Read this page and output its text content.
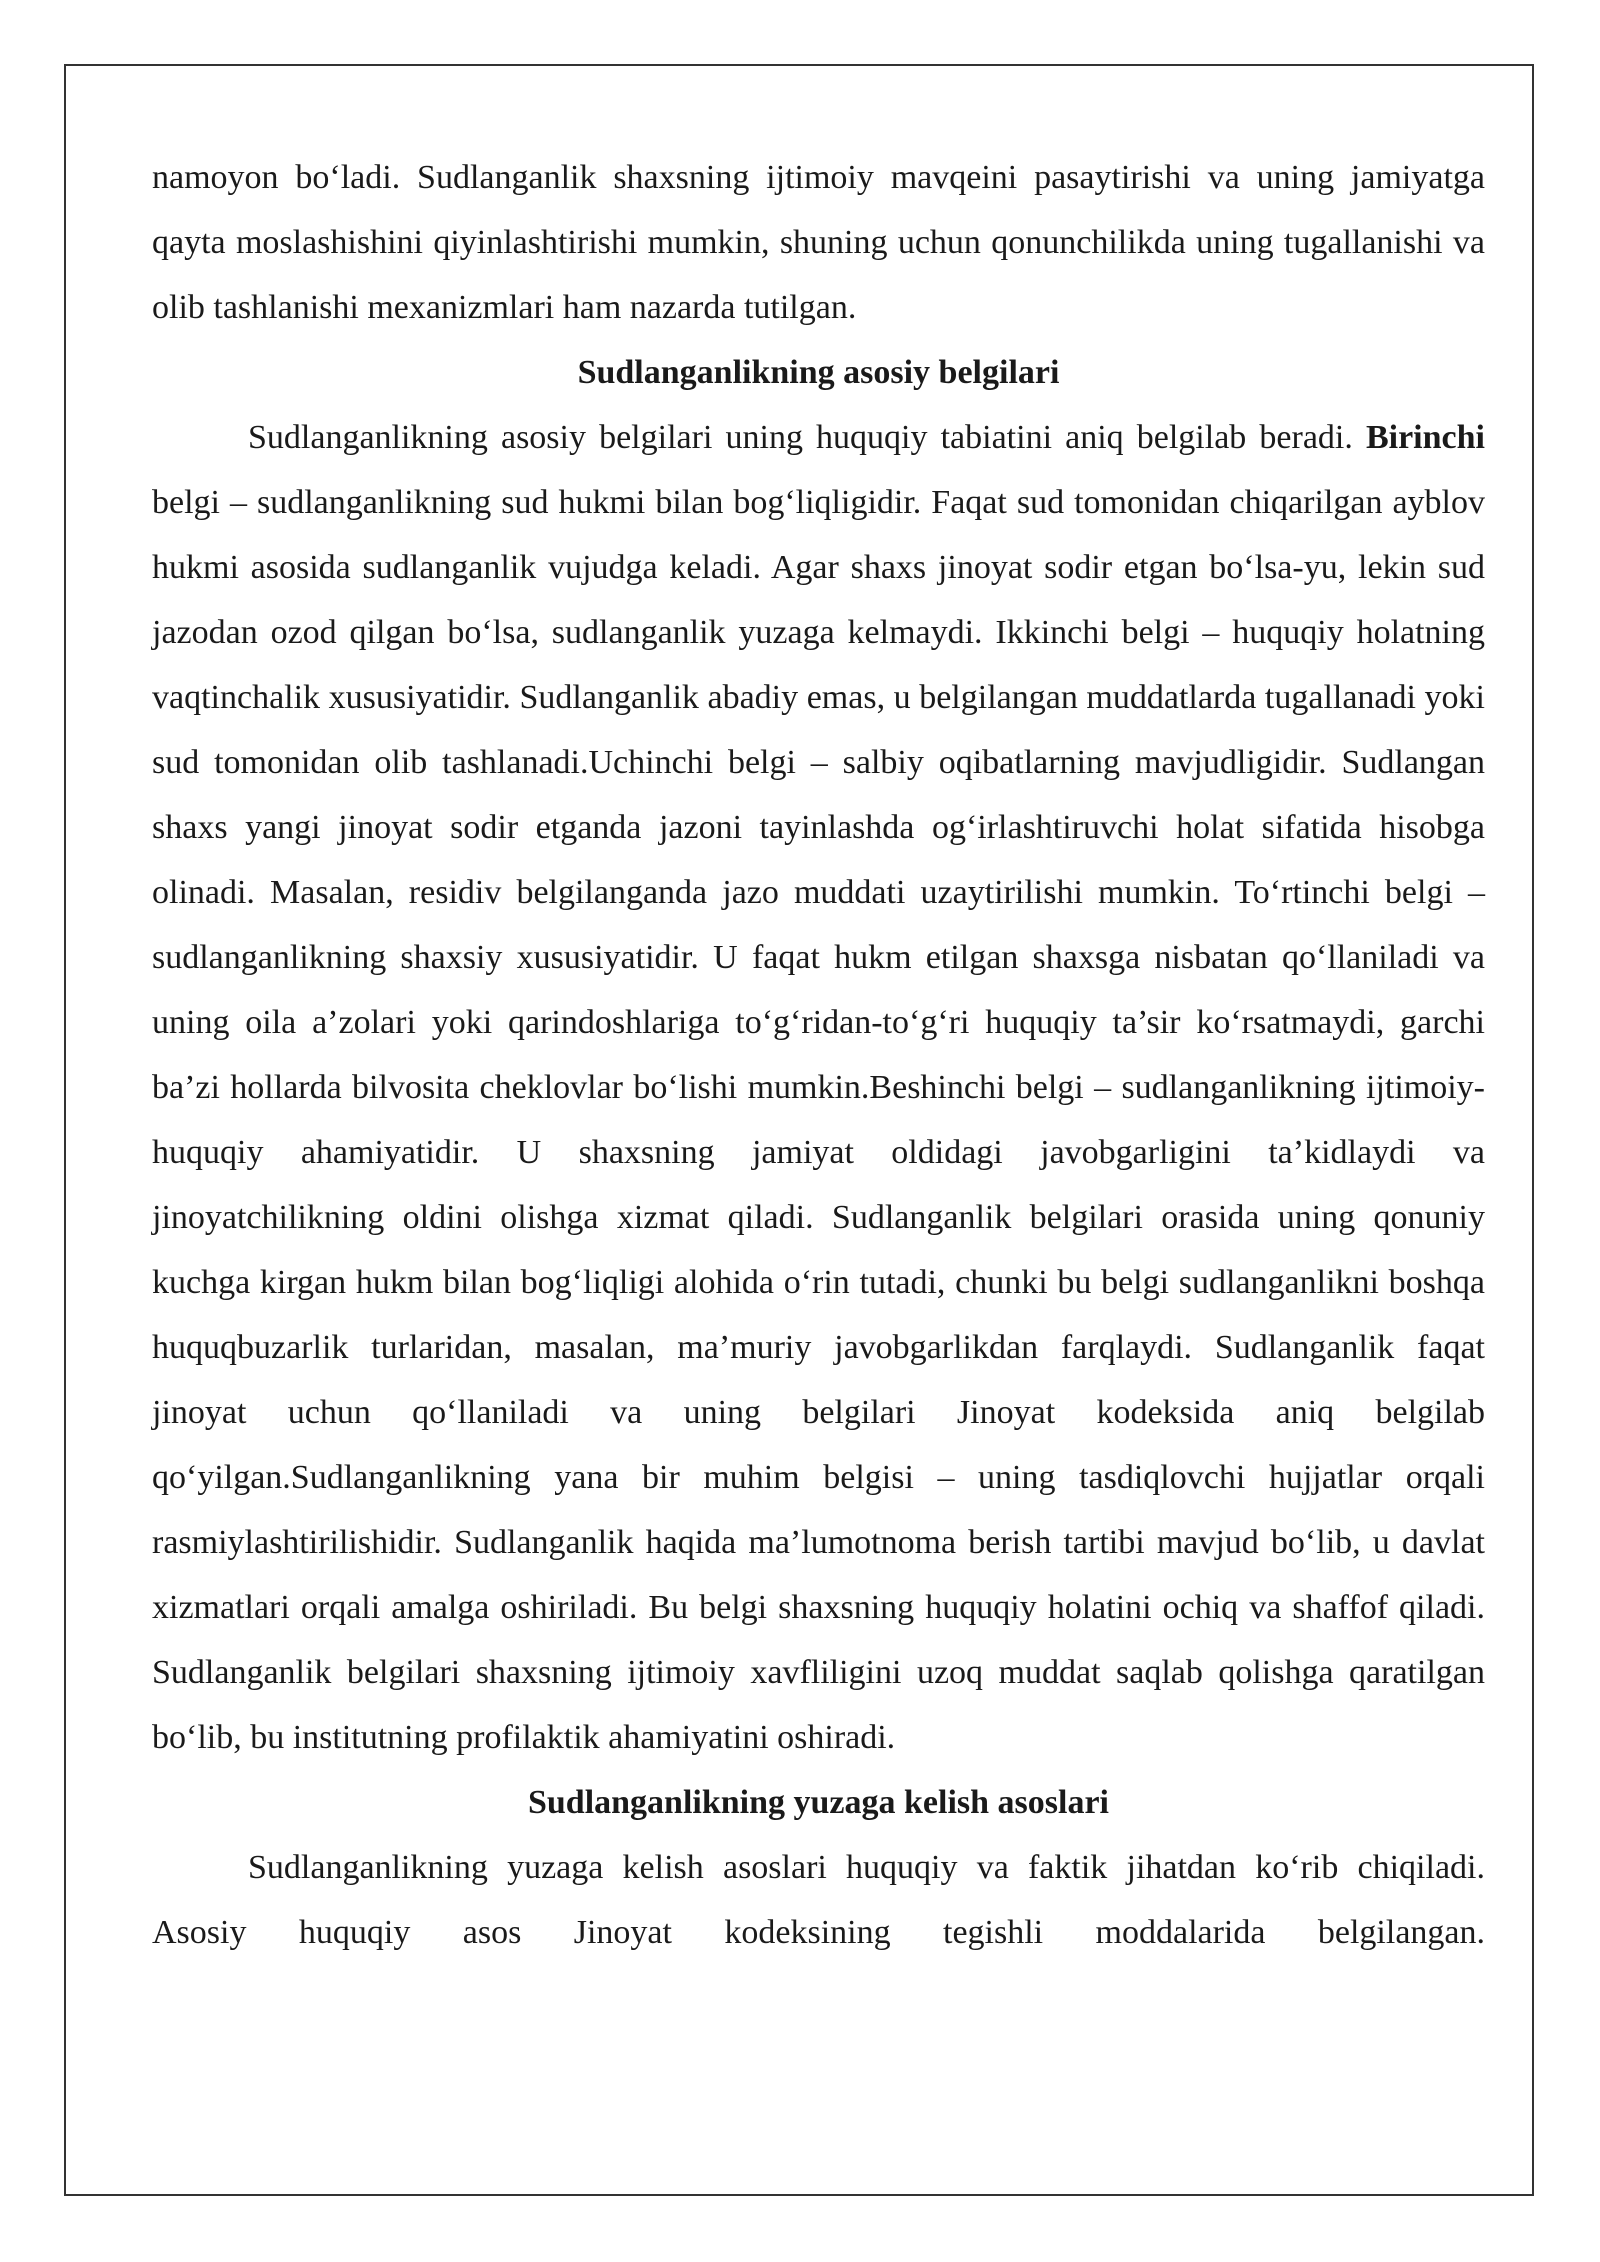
namoyon bo‘ladi. Sudlanganlik shaxsning ijtimoiy mavqeini pasaytirishi va uning jamiyatga qayta moslashishini qiyinlashtirishi mumkin, shuning uchun qonunchilikda uning tugallanishi va olib tashlanishi mexanizmlari ham nazarda tutilgan.

Sudlanganlikning asosiy belgilari

Sudlanganlikning asosiy belgilari uning huquqiy tabiatini aniq belgilab beradi. Birinchi belgi – sudlanganlikning sud hukmi bilan bog‘liqligidir. Faqat sud tomonidan chiqarilgan ayblov hukmi asosida sudlanganlik vujudga keladi. Agar shaxs jinoyat sodir etgan bo‘lsa-yu, lekin sud jazodan ozod qilgan bo‘lsa, sudlanganlik yuzaga kelmaydi. Ikkinchi belgi – huquqiy holatning vaqtinchalik xususiyatidir. Sudlanganlik abadiy emas, u belgilangan muddatlarda tugallanadi yoki sud tomonidan olib tashlanadi.Uchinchi belgi – salbiy oqibatlarning mavjudligidir. Sudlangan shaxs yangi jinoyat sodir etganda jazoni tayinlashda og‘irlashtiruvchi holat sifatida hisobga olinadi. Masalan, residiv belgilanganda jazo muddati uzaytirilishi mumkin. To‘rtinchi belgi – sudlanganlikning shaxsiy xususiyatidir. U faqat hukm etilgan shaxsga nisbatan qo‘llaniladi va uning oila a’zolari yoki qarindoshlariga to‘g‘ridan-to‘g‘ri huquqiy ta’sir ko‘rsatmaydi, garchi ba’zi hollarda bilvosita cheklovlar bo‘lishi mumkin.Beshinchi belgi – sudlanganlikning ijtimoiy-huquqiy ahamiyatidir. U shaxsning jamiyat oldidagi javobgarligini ta’kidlaydi va jinoyatchilikning oldini olishga xizmat qiladi. Sudlanganlik belgilari orasida uning qonuniy kuchga kirgan hukm bilan bog‘liqligi alohida o‘rin tutadi, chunki bu belgi sudlanganlikni boshqa huquqbuzarlik turlaridan, masalan, ma’muriy javobgarlikdan farqlaydi. Sudlanganlik faqat jinoyat uchun qo‘llaniladi va uning belgilari Jinoyat kodeksida aniq belgilab qo‘yilgan.Sudlanganlikning yana bir muhim belgisi – uning tasdiqlovchi hujjatlar orqali rasmiylashtirilishidir. Sudlanganlik haqida ma’lumotnoma berish tartibi mavjud bo‘lib, u davlat xizmatlari orqali amalga oshiriladi. Bu belgi shaxsning huquqiy holatini ochiq va shaffof qiladi. Sudlanganlik belgilari shaxsning ijtimoiy xavfliligini uzoq muddat saqlab qolishga qaratilgan bo‘lib, bu institutning profilaktik ahamiyatini oshiradi.

Sudlanganlikning yuzaga kelish asoslari

Sudlanganlikning yuzaga kelish asoslari huquqiy va faktik jihatdan ko‘rib chiqiladi. Asosiy huquqiy asos Jinoyat kodeksining tegishli moddalarida belgilangan.
